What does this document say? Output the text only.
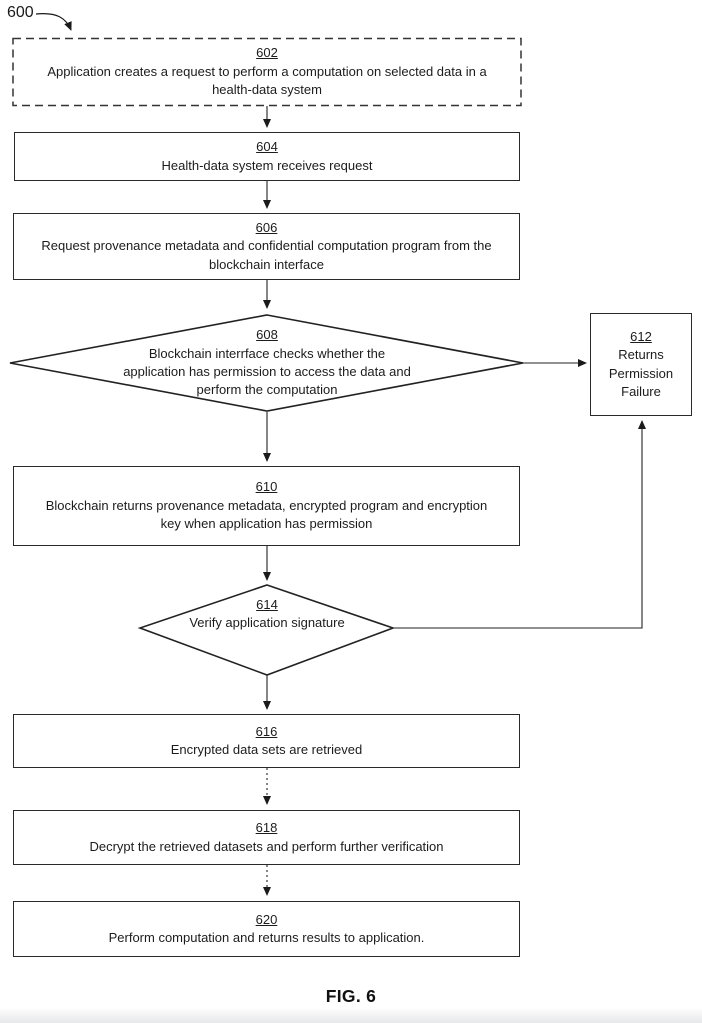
600
602
Application creates a request to perform a computation on selected data in a
health-data system
604
Health-data system receives request
606
Request provenance metadata and confidential computation program from the
blockchain interface
608
Blockchain interrface checks whether the
application has permission to access the data and
perform the computation
612
Returns
Permission
Failure
610
Blockchain returns provenance metadata, encrypted program and encryption
key when application has permission
614
Verify application signature
616
Encrypted data sets are retrieved
618
Decrypt the retrieved datasets and perform further verification
620
Perform computation and returns results to application.
FIG. 6
